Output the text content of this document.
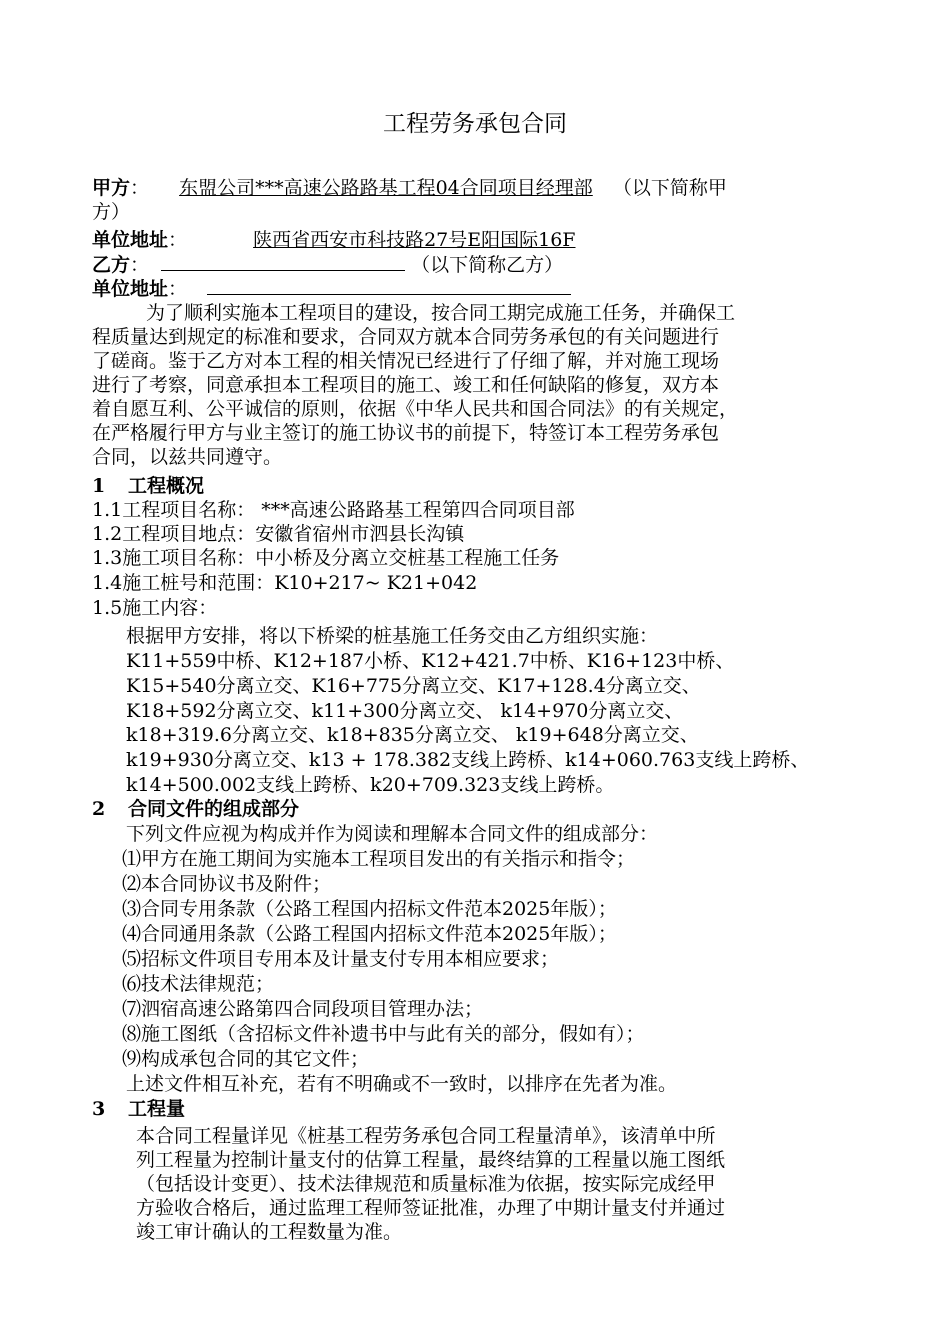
工程劳务承包合同
甲方： 东盟公司***高速公路路基工程04合同项目经理部 （以下简称甲
方）
单位地址：	陕西省西安市科技路27号E阳国际16F
乙方：	（以下简称乙方）
单位地址：
为了顺利实施本工程项目的建设，按合同工期完成施工任务，并确保工
程质量达到规定的标准和要求，合同双方就本合同劳务承包的有关问题进行
了磋商。鉴于乙方对本工程的相关情况已经进行了仔细了解，并对施工现场
进行了考察，同意承担本工程项目的施工、竣工和任何缺陷的修复，双方本
着自愿互利、公平诚信的原则，依据《中华人民共和国合同法》的有关规定，
在严格履行甲方与业主签订的施工协议书的前提下，特签订本工程劳务承包
合同，以兹共同遵守。
1 工程概况
1.1工程项目名称： ***高速公路路基工程第四合同项目部
1.2工程项目地点：安徽省宿州市泗县长沟镇
1.3施工项目名称：中小桥及分离立交桩基工程施工任务
1.4施工桩号和范围：K10+217~ K21+042
1.5施工内容：
根据甲方安排，将以下桥梁的桩基施工任务交由乙方组织实施：
K11+559中桥、K12+187小桥、K12+421.7中桥、K16+123中桥、
K15+540分离立交、K16+775分离立交、K17+128.4分离立交、
K18+592分离立交、k11+300分离立交、 k14+970分离立交、
k18+319.6分离立交、k18+835分离立交、 k19+648分离立交、
k19+930分离立交、k13 + 178.382支线上跨桥、k14+060.763支线上跨桥、
k14+500.002支线上跨桥、k20+709.323支线上跨桥。
2 合同文件的组成部分
下列文件应视为构成并作为阅读和理解本合同文件的组成部分：
⑴甲方在施工期间为实施本工程项目发出的有关指示和指令；
⑵本合同协议书及附件；
⑶合同专用条款（公路工程国内招标文件范本2025年版）；
⑷合同通用条款（公路工程国内招标文件范本2025年版）；
⑸招标文件项目专用本及计量支付专用本相应要求；
⑹技术法律规范；
⑺泗宿高速公路第四合同段项目管理办法；
⑻施工图纸（含招标文件补遗书中与此有关的部分，假如有）；
⑼构成承包合同的其它文件；
上述文件相互补充，若有不明确或不一致时，以排序在先者为准。
3 工程量
本合同工程量详见《桩基工程劳务承包合同工程量清单》，该清单中所
列工程量为控制计量支付的估算工程量，最终结算的工程量以施工图纸
（包括设计变更）、技术法律规范和质量标准为依据，按实际完成经甲
方验收合格后，通过监理工程师签证批准，办理了中期计量支付并通过
竣工审计确认的工程数量为准。
